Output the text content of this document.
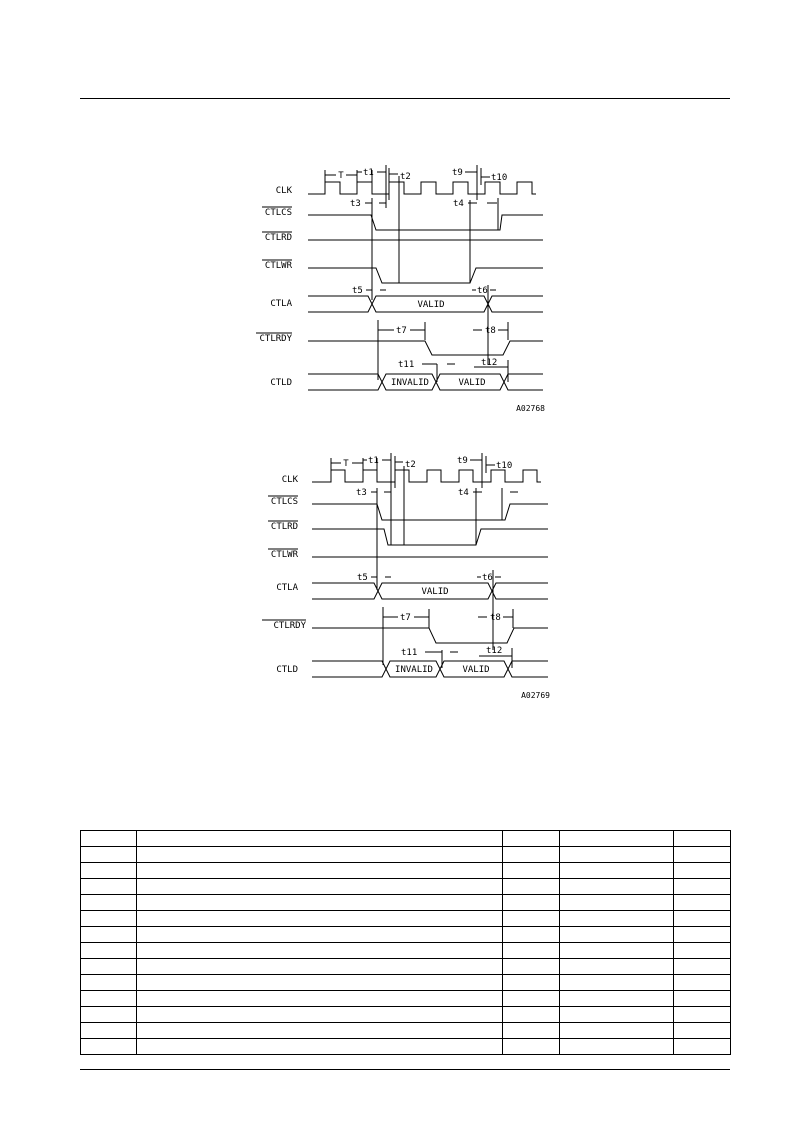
CLK
CTLCS
CTLRD
CTLWR
CTLA
CTLRDY
CTLD
T t1	t2	t9	t10
t3	t4
t5	t6
VALID
t7	t8
t11	t12
INVALID	VALID
A02768
CLK
CTLCS
CTLRD
CTLWR
CTLA
CTLRDY
CTLD
T t1	t2	t9	t10
t3	t4
t5	t6
VALID
t7	t8
t11	t12
INVALID	VALID
A02769
